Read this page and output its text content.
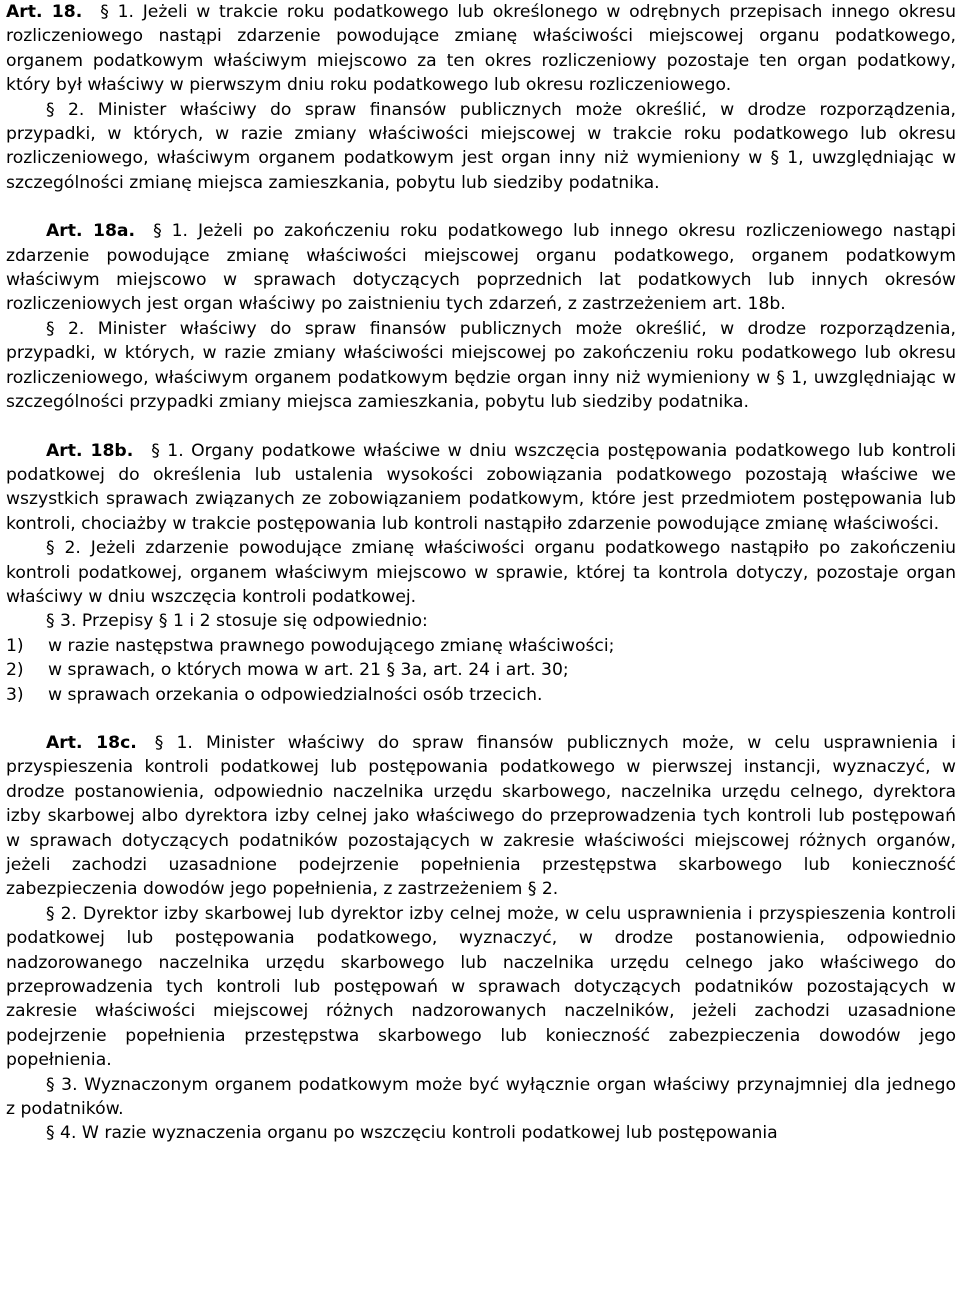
Art. 18. § 1. Jeżeli w trakcie roku podatkowego lub określonego w odrębnych przepisach innego okresu rozliczeniowego nastąpi zdarzenie powodujące zmianę właściwości miejscowej organu podatkowego, organem podatkowym właściwym miejscowo za ten okres rozliczeniowy pozostaje ten organ podatkowy, który był właściwy w pierwszym dniu roku podatkowego lub okresu rozliczeniowego.

§ 2. Minister właściwy do spraw finansów publicznych może określić, w drodze rozporządzenia, przypadki, w których, w razie zmiany właściwości miejscowej w trakcie roku podatkowego lub okresu rozliczeniowego, właściwym organem podatkowym jest organ inny niż wymieniony w § 1, uwzględniając w szczególności zmianę miejsca zamieszkania, pobytu lub siedziby podatnika.

Art. 18a. § 1. Jeżeli po zakończeniu roku podatkowego lub innego okresu rozliczeniowego nastąpi zdarzenie powodujące zmianę właściwości miejscowej organu podatkowego, organem podatkowym właściwym miejscowo w sprawach dotyczących poprzednich lat podatkowych lub innych okresów rozliczeniowych jest organ właściwy po zaistnieniu tych zdarzeń, z zastrzeżeniem art. 18b.

§ 2. Minister właściwy do spraw finansów publicznych może określić, w drodze rozporządzenia, przypadki, w których, w razie zmiany właściwości miejscowej po zakończeniu roku podatkowego lub okresu rozliczeniowego, właściwym organem podatkowym będzie organ inny niż wymieniony w § 1, uwzględniając w szczególności przypadki zmiany miejsca zamieszkania, pobytu lub siedziby podatnika.

Art. 18b. § 1. Organy podatkowe właściwe w dniu wszczęcia postępowania podatkowego lub kontroli podatkowej do określenia lub ustalenia wysokości zobowiązania podatkowego pozostają właściwe we wszystkich sprawach związanych ze zobowiązaniem podatkowym, które jest przedmiotem postępowania lub kontroli, chociażby w trakcie postępowania lub kontroli nastąpiło zdarzenie powodujące zmianę właściwości.

§ 2. Jeżeli zdarzenie powodujące zmianę właściwości organu podatkowego nastąpiło po zakończeniu kontroli podatkowej, organem właściwym miejscowo w sprawie, której ta kontrola dotyczy, pozostaje organ właściwy w dniu wszczęcia kontroli podatkowej.

§ 3. Przepisy § 1 i 2 stosuje się odpowiednio:

1)	w razie następstwa prawnego powodującego zmianę właściwości;
2)	w sprawach, o których mowa w art. 21 § 3a, art. 24 i art. 30;
3)	w sprawach orzekania o odpowiedzialności osób trzecich.

Art. 18c. § 1. Minister właściwy do spraw finansów publicznych może, w celu usprawnienia i przyspieszenia kontroli podatkowej lub postępowania podatkowego w pierwszej instancji, wyznaczyć, w drodze postanowienia, odpowiednio naczelnika urzędu skarbowego, naczelnika urzędu celnego, dyrektora izby skarbowej albo dyrektora izby celnej jako właściwego do przeprowadzenia tych kontroli lub postępowań w sprawach dotyczących podatników pozostających w zakresie właściwości miejscowej różnych organów, jeżeli zachodzi uzasadnione podejrzenie popełnienia przestępstwa skarbowego lub konieczność zabezpieczenia dowodów jego popełnienia, z zastrzeżeniem § 2.

§ 2. Dyrektor izby skarbowej lub dyrektor izby celnej może, w celu usprawnienia i przyspieszenia kontroli podatkowej lub postępowania podatkowego, wyznaczyć, w drodze postanowienia, odpowiednio nadzorowanego naczelnika urzędu skarbowego lub naczelnika urzędu celnego jako właściwego do przeprowadzenia tych kontroli lub postępowań w sprawach dotyczących podatników pozostających w zakresie właściwości miejscowej różnych nadzorowanych naczelników, jeżeli zachodzi uzasadnione podejrzenie popełnienia przestępstwa skarbowego lub konieczność zabezpieczenia dowodów jego popełnienia.

§ 3. Wyznaczonym organem podatkowym może być wyłącznie organ właściwy przynajmniej dla jednego z podatników.

§ 4. W razie wyznaczenia organu po wszczęciu kontroli podatkowej lub postępowania
